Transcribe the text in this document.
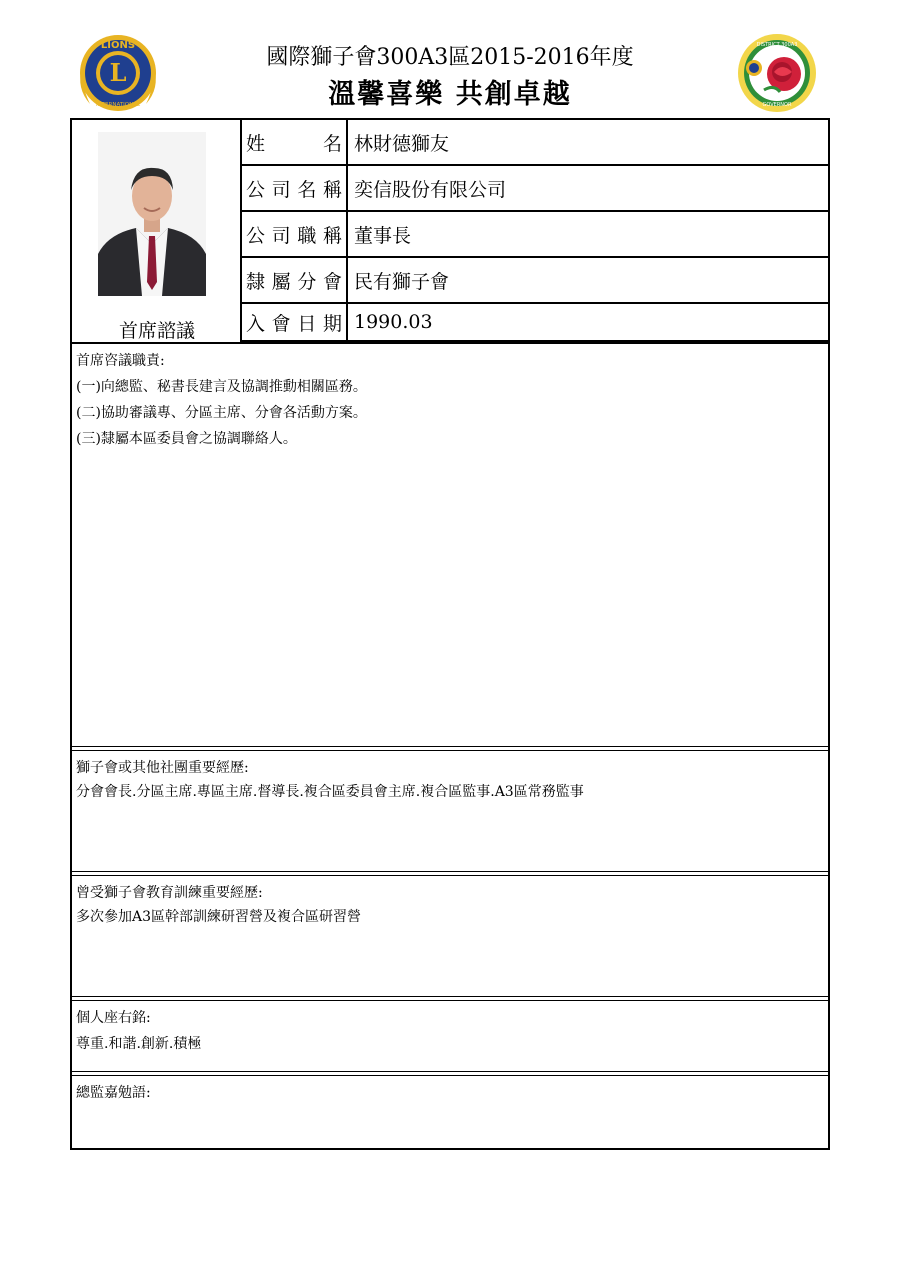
L
LIONS
INTERNATIONAL
國際獅子會300A3區2015-2016年度
溫馨喜樂 共創卓越
DISTRICT 300A3
GOVERNOR
首席諮議
姓	名 林財德獅友
公 司 名 稱 奕信股份有限公司
公 司 職 稱 董事長
隸 屬 分 會 民有獅子會
入 會 日 期 1990.03
首席咨議職責:
(一)向總監、秘書長建言及協調推動相關區務。
(二)協助審議專、分區主席、分會各活動方案。
(三)隸屬本區委員會之協調聯絡人。
獅子會或其他社團重要經歷:
分會會長.分區主席.專區主席.督導長.複合區委員會主席.複合區監事.A3區常務監事
曾受獅子會教育訓練重要經歷:
多次參加A3區幹部訓練研習營及複合區研習營
個人座右銘:
尊重.和諧.創新.積極
總監嘉勉語:
